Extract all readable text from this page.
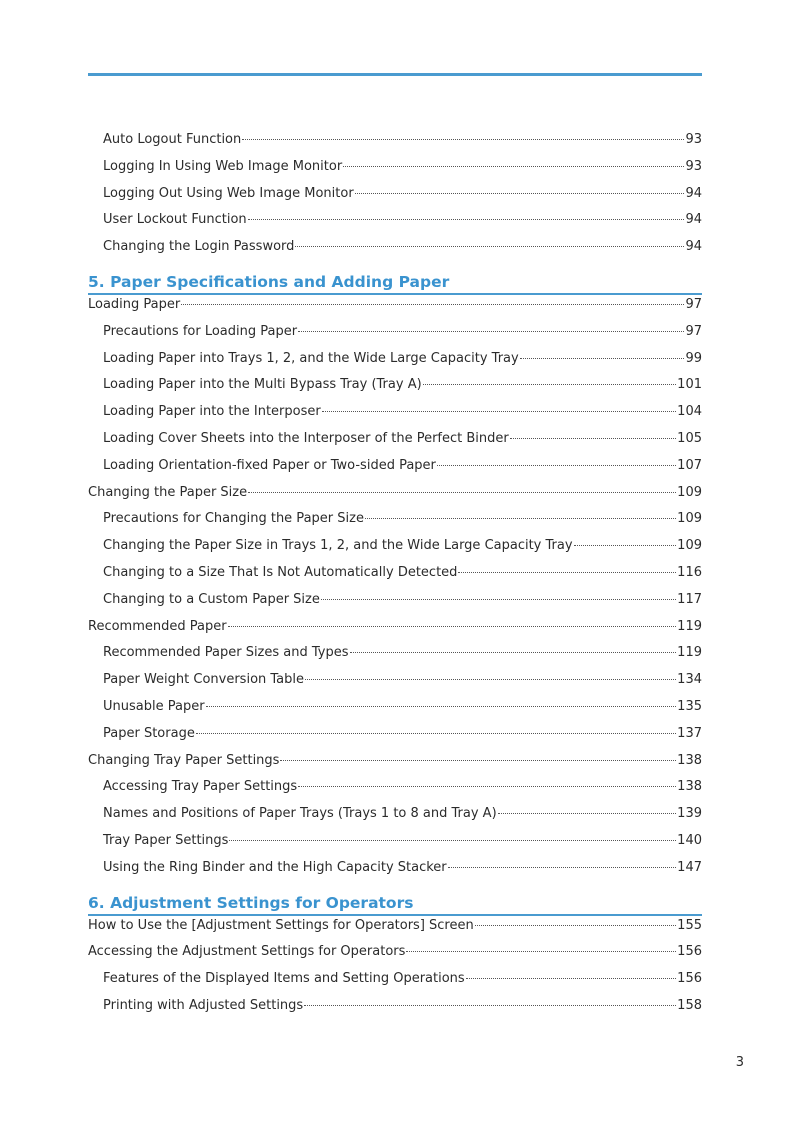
Auto Logout Function	93
Logging In Using Web Image Monitor	93
Logging Out Using Web Image Monitor	94
User Lockout Function	94
Changing the Login Password	94
5. Paper Specifications and Adding Paper
Loading Paper	97
Precautions for Loading Paper	97
Loading Paper into Trays 1, 2, and the Wide Large Capacity Tray	99
Loading Paper into the Multi Bypass Tray (Tray A)	101
Loading Paper into the Interposer	104
Loading Cover Sheets into the Interposer of the Perfect Binder	105
Loading Orientation-fixed Paper or Two-sided Paper	107
Changing the Paper Size	109
Precautions for Changing the Paper Size	109
Changing the Paper Size in Trays 1, 2, and the Wide Large Capacity Tray	109
Changing to a Size That Is Not Automatically Detected	116
Changing to a Custom Paper Size	117
Recommended Paper	119
Recommended Paper Sizes and Types	119
Paper Weight Conversion Table	134
Unusable Paper	135
Paper Storage	137
Changing Tray Paper Settings	138
Accessing Tray Paper Settings	138
Names and Positions of Paper Trays (Trays 1 to 8 and Tray A)	139
Tray Paper Settings	140
Using the Ring Binder and the High Capacity Stacker	147
6. Adjustment Settings for Operators
How to Use the [Adjustment Settings for Operators] Screen	155
Accessing the Adjustment Settings for Operators	156
Features of the Displayed Items and Setting Operations	156
Printing with Adjusted Settings	158
3
